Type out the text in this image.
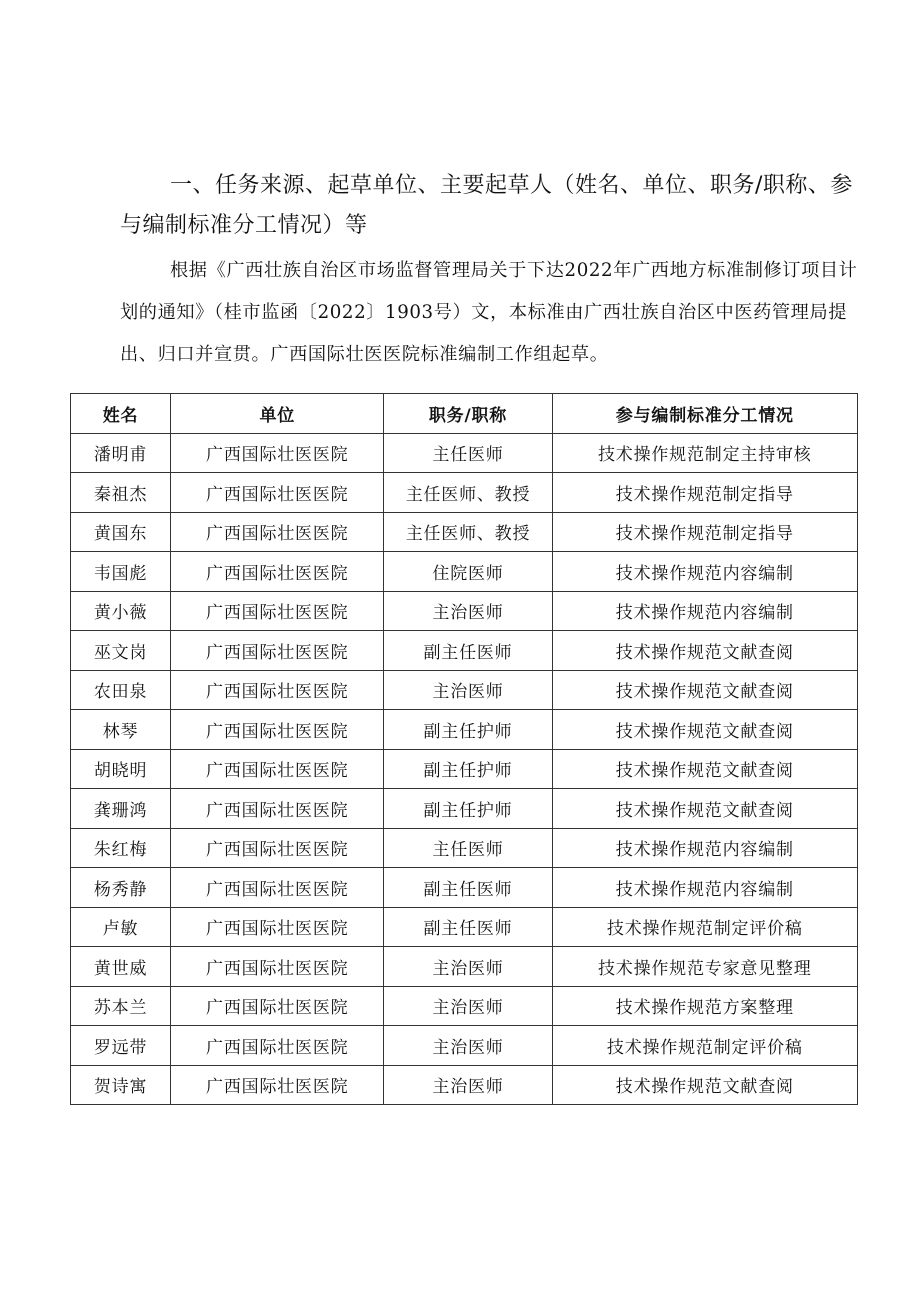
一、任务来源、起草单位、主要起草人（姓名、单位、职务/职称、参与编制标准分工情况）等

根据《广西壮族自治区市场监督管理局关于下达2022年广西地方标准制修订项目计划的通知》（桂市监函〔2022〕1903号）文，本标准由广西壮族自治区中医药管理局提出、归口并宣贯。广西国际壮医医院标准编制工作组起草。

姓名	单位	职务/职称	参与编制标准分工情况
潘明甫	广西国际壮医医院	主任医师	技术操作规范制定主持审核
秦祖杰	广西国际壮医医院	主任医师、教授	技术操作规范制定指导
黄国东	广西国际壮医医院	主任医师、教授	技术操作规范制定指导
韦国彪	广西国际壮医医院	住院医师	技术操作规范内容编制
黄小薇	广西国际壮医医院	主治医师	技术操作规范内容编制
巫文岗	广西国际壮医医院	副主任医师	技术操作规范文献查阅
农田泉	广西国际壮医医院	主治医师	技术操作规范文献查阅
林琴	广西国际壮医医院	副主任护师	技术操作规范文献查阅
胡晓明	广西国际壮医医院	副主任护师	技术操作规范文献查阅
龚珊鸿	广西国际壮医医院	副主任护师	技术操作规范文献查阅
朱红梅	广西国际壮医医院	主任医师	技术操作规范内容编制
杨秀静	广西国际壮医医院	副主任医师	技术操作规范内容编制
卢敏	广西国际壮医医院	副主任医师	技术操作规范制定评价稿
黄世威	广西国际壮医医院	主治医师	技术操作规范专家意见整理
苏本兰	广西国际壮医医院	主治医师	技术操作规范方案整理
罗远带	广西国际壮医医院	主治医师	技术操作规范制定评价稿
贺诗寓	广西国际壮医医院	主治医师	技术操作规范文献查阅
